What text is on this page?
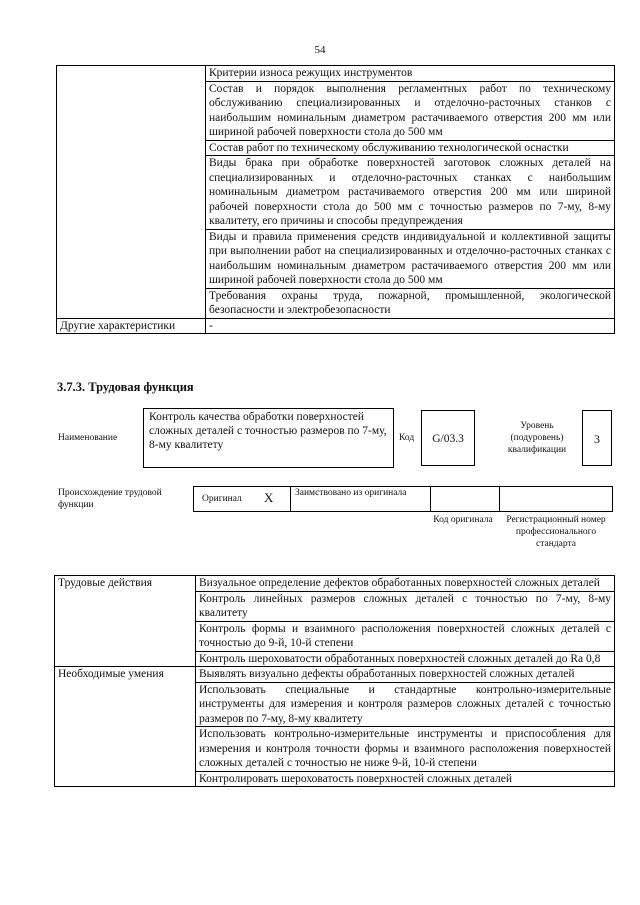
54
	Критерии износа режущих инструментов
	Состав и порядок выполнения регламентных работ по техническому обслуживанию специализированных и отделочно-расточных станков с наибольшим номинальным диаметром растачиваемого отверстия 200 мм или шириной рабочей поверхности стола до 500 мм
	Состав работ по техническому обслуживанию технологической оснастки
	Виды брака при обработке поверхностей заготовок сложных деталей на специализированных и отделочно-расточных станках с наибольшим номинальным диаметром растачиваемого отверстия 200 мм или шириной рабочей поверхности стола до 500 мм с точностью размеров по 7-му, 8-му квалитету, его причины и способы предупреждения
	Виды и правила применения средств индивидуальной и коллективной защиты при выполнении работ на специализированных и отделочно-расточных станках с наибольшим номинальным диаметром растачиваемого отверстия 200 мм или шириной рабочей поверхности стола до 500 мм
	Требования охраны труда, пожарной, промышленной, экологической безопасности и электробезопасности
Другие характеристики	-
3.7.3. Трудовая функция
Наименование
Контроль качества обработки поверхностей сложных деталей с точностью размеров по 7-му, 8-му квалитету
Код	G/03.3
Уровень (подуровень) квалификации
3
Происхождение трудовой функции
Оригинал X Заимствовано из оригинала
Код оригинала	Регистрационный номер профессионального стандарта
Трудовые действия	Визуальное определение дефектов обработанных поверхностей сложных деталей
	Контроль линейных размеров сложных деталей с точностью по 7-му, 8-му квалитету
	Контроль формы и взаимного расположения поверхностей сложных деталей с точностью до 9-й, 10-й степени
	Контроль шероховатости обработанных поверхностей сложных деталей до Ra 0,8
Необходимые умения	Выявлять визуально дефекты обработанных поверхностей сложных деталей
	Использовать специальные и стандартные контрольно-измерительные инструменты для измерения и контроля размеров сложных деталей с точностью размеров по 7-му, 8-му квалитету
	Использовать контрольно-измерительные инструменты и приспособления для измерения и контроля точности формы и взаимного расположения поверхностей сложных деталей с точностью не ниже 9-й, 10-й степени
	Контролировать шероховатость поверхностей сложных деталей
